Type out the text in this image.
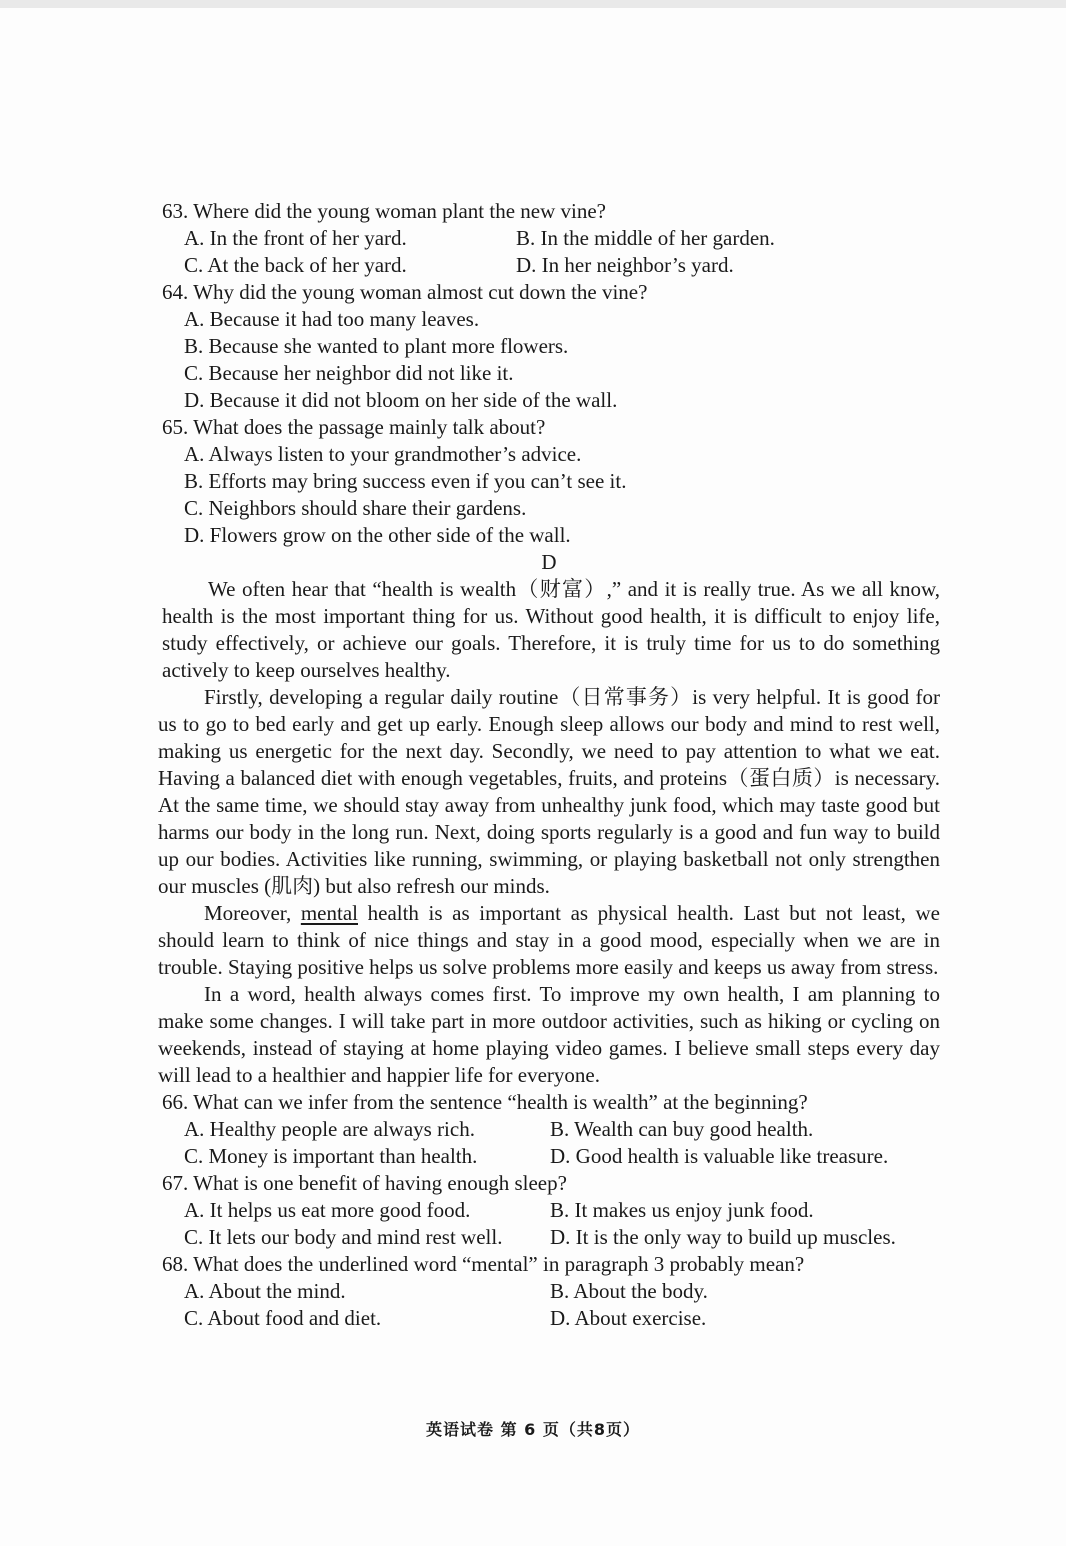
63. Where did the young woman plant the new vine?
A. In the front of her yard.	B. In the middle of her garden.
C. At the back of her yard.	D. In her neighbor’s yard.
64. Why did the young woman almost cut down the vine?
A. Because it had too many leaves.
B. Because she wanted to plant more flowers.
C. Because her neighbor did not like it.
D. Because it did not bloom on her side of the wall.
65. What does the passage mainly talk about?
A. Always listen to your grandmother’s advice.
B. Efforts may bring success even if you can’t see it.
C. Neighbors should share their gardens.
D. Flowers grow on the other side of the wall.
D

We often hear that “health is wealth（财富）,” and it is really true. As we all know, health is the most important thing for us. Without good health, it is difficult to enjoy life, study effectively, or achieve our goals. Therefore, it is truly time for us to do something actively to keep ourselves healthy.

Firstly, developing a regular daily routine（日常事务）is very helpful. It is good for us to go to bed early and get up early. Enough sleep allows our body and mind to rest well, making us energetic for the next day. Secondly, we need to pay attention to what we eat. Having a balanced diet with enough vegetables, fruits, and proteins（蛋白质）is necessary. At the same time, we should stay away from unhealthy junk food, which may taste good but harms our body in the long run. Next, doing sports regularly is a good and fun way to build up our bodies. Activities like running, swimming, or playing basketball not only strengthen our muscles (肌肉) but also refresh our minds.

Moreover, mental health is as important as physical health. Last but not least, we should learn to think of nice things and stay in a good mood, especially when we are in trouble. Staying positive helps us solve problems more easily and keeps us away from stress.

In a word, health always comes first. To improve my own health, I am planning to make some changes. I will take part in more outdoor activities, such as hiking or cycling on weekends, instead of staying at home playing video games. I believe small steps every day will lead to a healthier and happier life for everyone.

66. What can we infer from the sentence “health is wealth” at the beginning?
A. Healthy people are always rich.	B. Wealth can buy good health.
C. Money is important than health.	D. Good health is valuable like treasure.
67. What is one benefit of having enough sleep?
A. It helps us eat more good food.	B. It makes us enjoy junk food.
C. It lets our body and mind rest well.	D. It is the only way to build up muscles.
68. What does the underlined word “mental” in paragraph 3 probably mean?
A. About the mind.	B. About the body.
C. About food and diet.	D. About exercise.
英语试卷 第 6 页（共8页）
